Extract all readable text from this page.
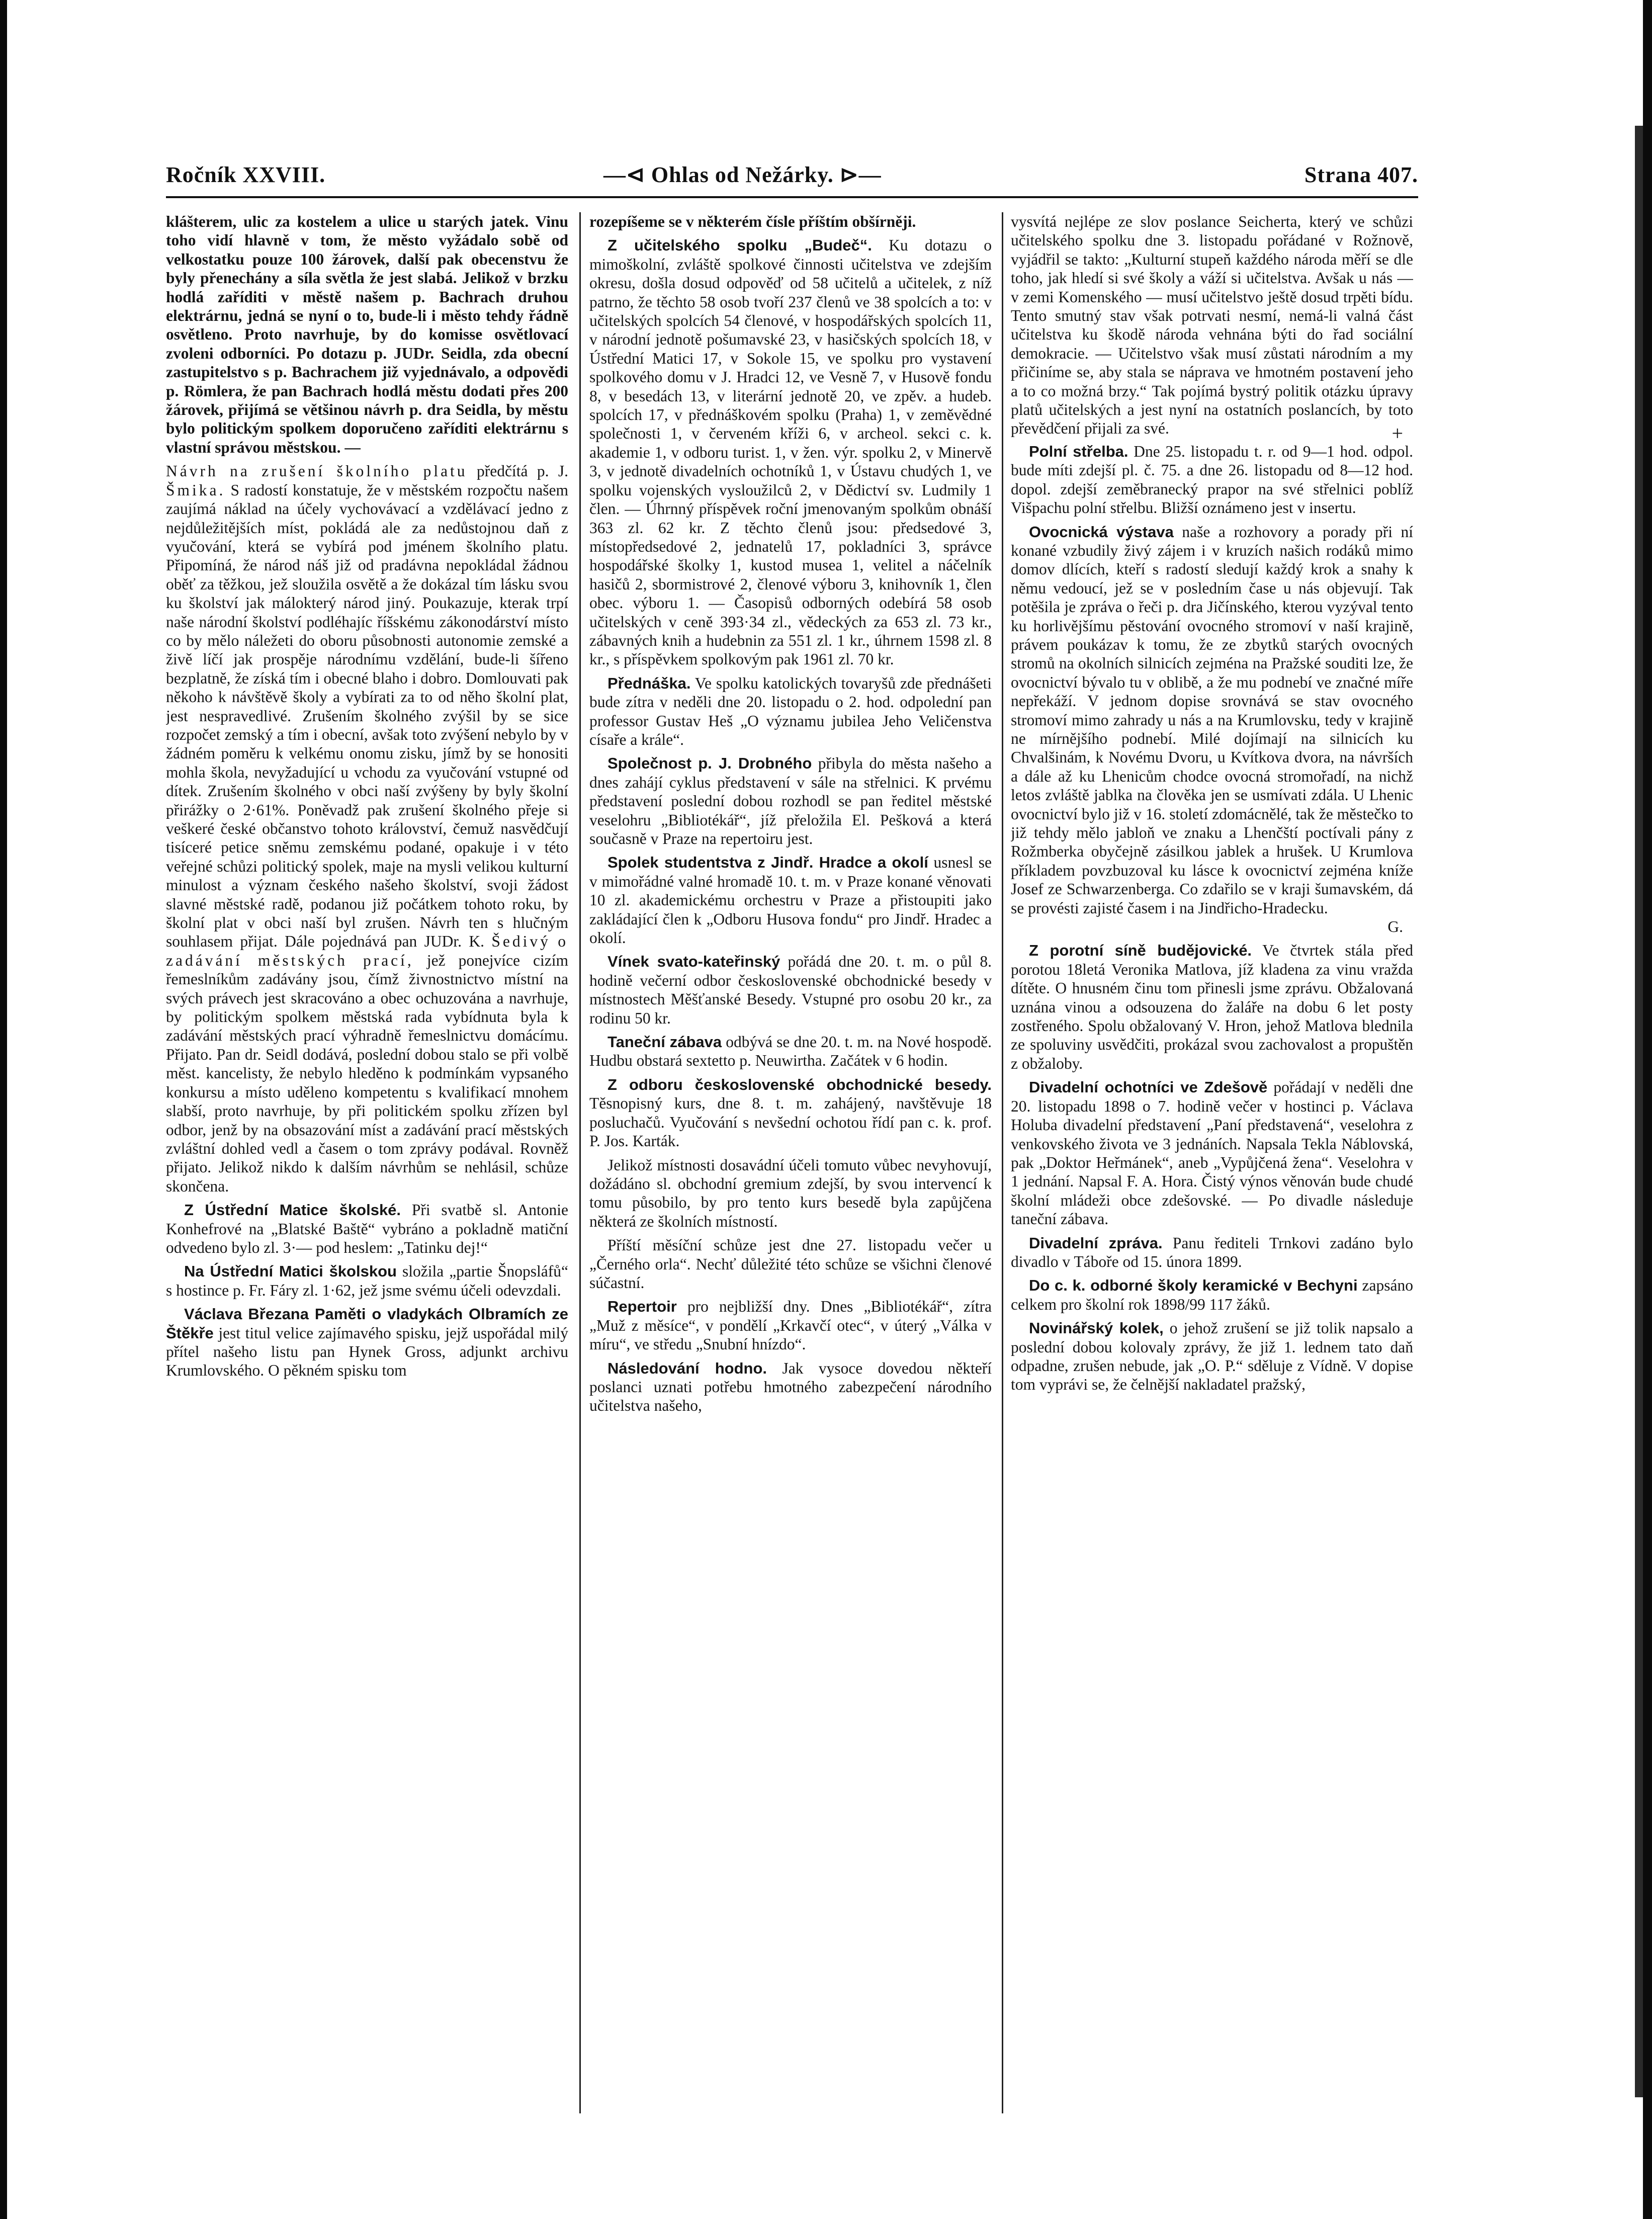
Ročník XXVIII.	—⊲ Ohlas od Nežárky. ⊳—	Strana 407.

klášterem, ulic za kostelem a ulice u starých jatek. Vinu toho vidí hlavně v tom, že město vyžádalo sobě od velkostatku pouze 100 žárovek, další pak obecenstvu že byly přenechány a síla světla že jest slabá. Jelikož v brzku hodlá zaříditi v městě našem p. Bachrach druhou elektrárnu, jedná se nyní o to, bude-li i město tehdy řádně osvětleno. Proto navrhuje, by do komisse osvětlovací zvoleni odborníci. Po dotazu p. JUDr. Seidla, zda obecní zastupitelstvo s p. Bachrachem již vyjednávalo, a odpovědi p. Römlera, že pan Bachrach hodlá městu dodati přes 200 žárovek, přijímá se většinou návrh p. dra Seidla, by městu bylo politickým spolkem doporučeno zaříditi elektrárnu s vlastní správou městskou. —

Návrh na zrušení školního platu předčítá p. J. Šmika. S radostí konstatuje, že v městském rozpočtu našem zaujímá náklad na účely vychovávací a vzdělávací jedno z nejdůležitějších míst, pokládá ale za nedůstojnou daň z vyučování, která se vybírá pod jménem školního platu. Připomíná, že národ náš již od pradávna nepokládal žádnou oběť za těžkou, jež sloužila osvětě a že dokázal tím lásku svou ku školství jak málokterý národ jiný. Poukazuje, kterak trpí naše národní školství podléhajíc říšskému zákonodárství místo co by mělo náležeti do oboru působnosti autonomie zemské a živě líčí jak prospěje národnímu vzdělání, bude-li šířeno bezplatně, že získá tím i obecné blaho i dobro. Domlouvati pak někoho k návštěvě školy a vybírati za to od něho školní plat, jest nespravedlivé. Zrušením školného zvýšil by se sice rozpočet zemský a tím i obecní, avšak toto zvýšení nebylo by v žádném poměru k velkému onomu zisku, jímž by se honositi mohla škola, nevyžadující u vchodu za vyučování vstupné od dítek. Zrušením školného v obci naší zvýšeny by byly školní přirážky o 2·61%. Poněvadž pak zrušení školného přeje si veškeré české občanstvo tohoto království, čemuž nasvědčují tisíceré petice sněmu zemskému podané, opakuje i v této veřejné schůzi politický spolek, maje na mysli velikou kulturní minulost a význam českého našeho školství, svoji žádost slavné městské radě, podanou již počátkem tohoto roku, by školní plat v obci naší byl zrušen. Návrh ten s hlučným souhlasem přijat. Dále pojednává pan JUDr. K. Šedivý o zadávání městských prací, jež ponejvíce cizím řemeslníkům zadávány jsou, čímž živnostnictvo místní na svých právech jest skracováno a obec ochuzována a navrhuje, by politickým spolkem městská rada vybídnuta byla k zadávání městských prací výhradně řemeslnictvu domácímu. Přijato. Pan dr. Seidl dodává, poslední dobou stalo se při volbě měst. kancelisty, že nebylo hleděno k podmínkám vypsaného konkursu a místo uděleno kompetentu s kvalifikací mnohem slabší, proto navrhuje, by při politickém spolku zřízen byl odbor, jenž by na obsazování míst a zadávání prací městských zvláštní dohled vedl a časem o tom zprávy podával. Rovněž přijato. Jelikož nikdo k dalším návrhům se nehlásil, schůze skončena.

Z Ústřední Matice školské. Při svatbě sl. Antonie Konhefrové na „Blatské Baště“ vybráno a pokladně matiční odvedeno bylo zl. 3·— pod heslem: „Tatinku dej!“

Na Ústřední Matici školskou složila „partie Šnopsláfů“ s hostince p. Fr. Fáry zl. 1·62, jež jsme svému účeli odevzdali.

Václava Březana Paměti o vladykách Olbramích ze Štěkře jest titul velice zajímavého spisku, jejž uspořádal milý přítel našeho listu pan Hynek Gross, adjunkt archivu Krumlovského. O pěkném spisku tom

rozepíšeme se v některém čísle příštím obšírněji.

Z učitelského spolku „Budeč“. Ku dotazu o mimoškolní, zvláště spolkové činnosti učitelstva ve zdejším okresu, došla dosud odpověď od 58 učitelů a učitelek, z níž patrno, že těchto 58 osob tvoří 237 členů ve 38 spolcích a to: v učitelských spolcích 54 členové, v hospodářských spolcích 11, v národní jednotě pošumavské 23, v hasičských spolcích 18, v Ústřední Matici 17, v Sokole 15, ve spolku pro vystavení spolkového domu v J. Hradci 12, ve Vesně 7, v Husově fondu 8, v besedách 13, v literární jednotě 20, ve zpěv. a hudeb. spolcích 17, v přednáškovém spolku (Praha) 1, v zeměvědné společnosti 1, v červeném kříži 6, v archeol. sekci c. k. akademie 1, v odboru turist. 1, v žen. výr. spolku 2, v Minervě 3, v jednotě divadelních ochotníků 1, v Ústavu chudých 1, ve spolku vojenských vysloužilců 2, v Dědictví sv. Ludmily 1 člen. — Úhrnný příspěvek roční jmenovaným spolkům obnáší 363 zl. 62 kr. Z těchto členů jsou: předsedové 3, místopředsedové 2, jednatelů 17, pokladníci 3, správce hospodářské školky 1, kustod musea 1, velitel a náčelník hasičů 2, sbormistrové 2, členové výboru 3, knihovník 1, člen obec. výboru 1. — Časopisů odborných odebírá 58 osob učitelských v ceně 393·34 zl., vědeckých za 653 zl. 73 kr., zábavných knih a hudebnin za 551 zl. 1 kr., úhrnem 1598 zl. 8 kr., s příspěvkem spolkovým pak 1961 zl. 70 kr.

Přednáška. Ve spolku katolických tovaryšů zde přednášeti bude zítra v neděli dne 20. listopadu o 2. hod. odpolední pan professor Gustav Heš „O významu jubilea Jeho Veličenstva císaře a krále“.

Společnost p. J. Drobného přibyla do města našeho a dnes zahájí cyklus představení v sále na střelnici. K prvému představení poslední dobou rozhodl se pan ředitel městské veselohru „Bibliotékář“, jíž přeložila El. Pešková a která současně v Praze na repertoiru jest.

Spolek studentstva z Jindř. Hradce a okolí usnesl se v mimořádné valné hromadě 10. t. m. v Praze konané věnovati 10 zl. akademickému orchestru v Praze a přistoupiti jako zakládající člen k „Odboru Husova fondu“ pro Jindř. Hradec a okolí.

Vínek svato-kateřinský pořádá dne 20. t. m. o půl 8. hodině večerní odbor československé obchodnické besedy v místnostech Měšťanské Besedy. Vstupné pro osobu 20 kr., za rodinu 50 kr.

Taneční zábava odbývá se dne 20. t. m. na Nové hospodě. Hudbu obstará sextetto p. Neuwirtha. Začátek v 6 hodin.

Z odboru československé obchodnické besedy. Těsnopisný kurs, dne 8. t. m. zahájený, navštěvuje 18 posluchačů. Vyučování s nevšední ochotou řídí pan c. k. prof. P. Jos. Karták.

Jelikož místnosti dosavádní účeli tomuto vůbec nevyhovují, dožádáno sl. obchodní gremium zdejší, by svou intervencí k tomu působilo, by pro tento kurs besedě byla zapůjčena některá ze školních místností.

Příští měsíční schůze jest dne 27. listopadu večer u „Černého orla“. Nechť důležité této schůze se všichni členové súčastní.

Repertoir pro nejbližší dny. Dnes „Bibliotékář“, zítra „Muž z měsíce“, v pondělí „Krkavčí otec“, v úterý „Válka v míru“, ve středu „Snubní hnízdo“.

Následování hodno. Jak vysoce dovedou někteří poslanci uznati potřebu hmotného zabezpečení národního učitelstva našeho,

vysvítá nejlépe ze slov poslance Seicherta, který ve schůzi učitelského spolku dne 3. listopadu pořádané v Rožnově, vyjádřil se takto: „Kulturní stupeň každého národa měří se dle toho, jak hledí si své školy a váží si učitelstva. Avšak u nás — v zemi Komenského — musí učitelstvo ještě dosud trpěti bídu. Tento smutný stav však potrvati nesmí, nemá-li valná část učitelstva ku škodě národa vehnána býti do řad sociální demokracie. — Učitelstvo však musí zůstati národním a my přičiníme se, aby stala se náprava ve hmotném postavení jeho a to co možná brzy.“ Tak pojímá bystrý politik otázku úpravy platů učitelských a jest nyní na ostatních poslancích, by toto převědčení přijali za své.	+

Polní střelba. Dne 25. listopadu t. r. od 9—1 hod. odpol. bude míti zdejší pl. č. 75. a dne 26. listopadu od 8—12 hod. dopol. zdejší zeměbranecký prapor na své střelnici poblíž Višpachu polní střelbu. Bližší oznámeno jest v insertu.

Ovocnická výstava naše a rozhovory a porady při ní konané vzbudily živý zájem i v kruzích našich rodáků mimo domov dlících, kteří s radostí sledují každý krok a snahy k němu vedoucí, jež se v posledním čase u nás objevují. Tak potěšila je zpráva o řeči p. dra Jičínského, kterou vyzýval tento ku horlivějšímu pěstování ovocného stromoví v naší krajině, právem poukázav k tomu, že ze zbytků starých ovocných stromů na okolních silnicích zejména na Pražské souditi lze, že ovocnictví bývalo tu v oblibě, a že mu podnebí ve značné míře nepřekáží. V jednom dopise srovnává se stav ovocného stromoví mimo zahrady u nás a na Krumlovsku, tedy v krajině ne mírnějšího podnebí. Milé dojímají na silnicích ku Chvalšinám, k Novému Dvoru, u Kvítkova dvora, na návrších a dále až ku Lhenicům chodce ovocná stromořadí, na nichž letos zvláště jablka na člověka jen se usmívati zdála. U Lhenic ovocnictví bylo již v 16. století zdomácnělé, tak že městečko to již tehdy mělo jabloň ve znaku a Lhenčští poctívali pány z Rožmberka obyčejně zásilkou jablek a hrušek. U Krumlova příkladem povzbuzoval ku lásce k ovocnictví zejména kníže Josef ze Schwarzenberga. Co zdařilo se v kraji šumavském, dá se provésti zajisté časem i na Jindřicho-Hradecku.
G.

Z porotní síně budějovické. Ve čtvrtek stála před porotou 18letá Veronika Matlova, jíž kladena za vinu vražda dítěte. O hnusném činu tom přinesli jsme zprávu. Obžalovaná uznána vinou a odsouzena do žaláře na dobu 6 let posty zostřeného. Spolu obžalovaný V. Hron, jehož Matlova blednila ze spoluviny usvědčiti, prokázal svou zachovalost a propuštěn z obžaloby.

Divadelní ochotníci ve Zdešově pořádají v neděli dne 20. listopadu 1898 o 7. hodině večer v hostinci p. Václava Holuba divadelní představení „Paní představená“, veselohra z venkovského života ve 3 jednáních. Napsala Tekla Náblovská, pak „Doktor Heřmánek“, aneb „Vypůjčená žena“. Veselohra v 1 jednání. Napsal F. A. Hora. Čistý výnos věnován bude chudé školní mládeži obce zdešovské. — Po divadle následuje taneční zábava.

Divadelní zpráva. Panu řediteli Trnkovi zadáno bylo divadlo v Táboře od 15. února 1899.

Do c. k. odborné školy keramické v Bechyni zapsáno celkem pro školní rok 1898/99 117 žáků.

Novinářský kolek, o jehož zrušení se již tolik napsalo a poslední dobou kolovaly zprávy, že již 1. lednem tato daň odpadne, zrušen nebude, jak „O. P.“ sděluje z Vídně. V dopise tom vyprávi se, že čelnější nakladatel pražský,
